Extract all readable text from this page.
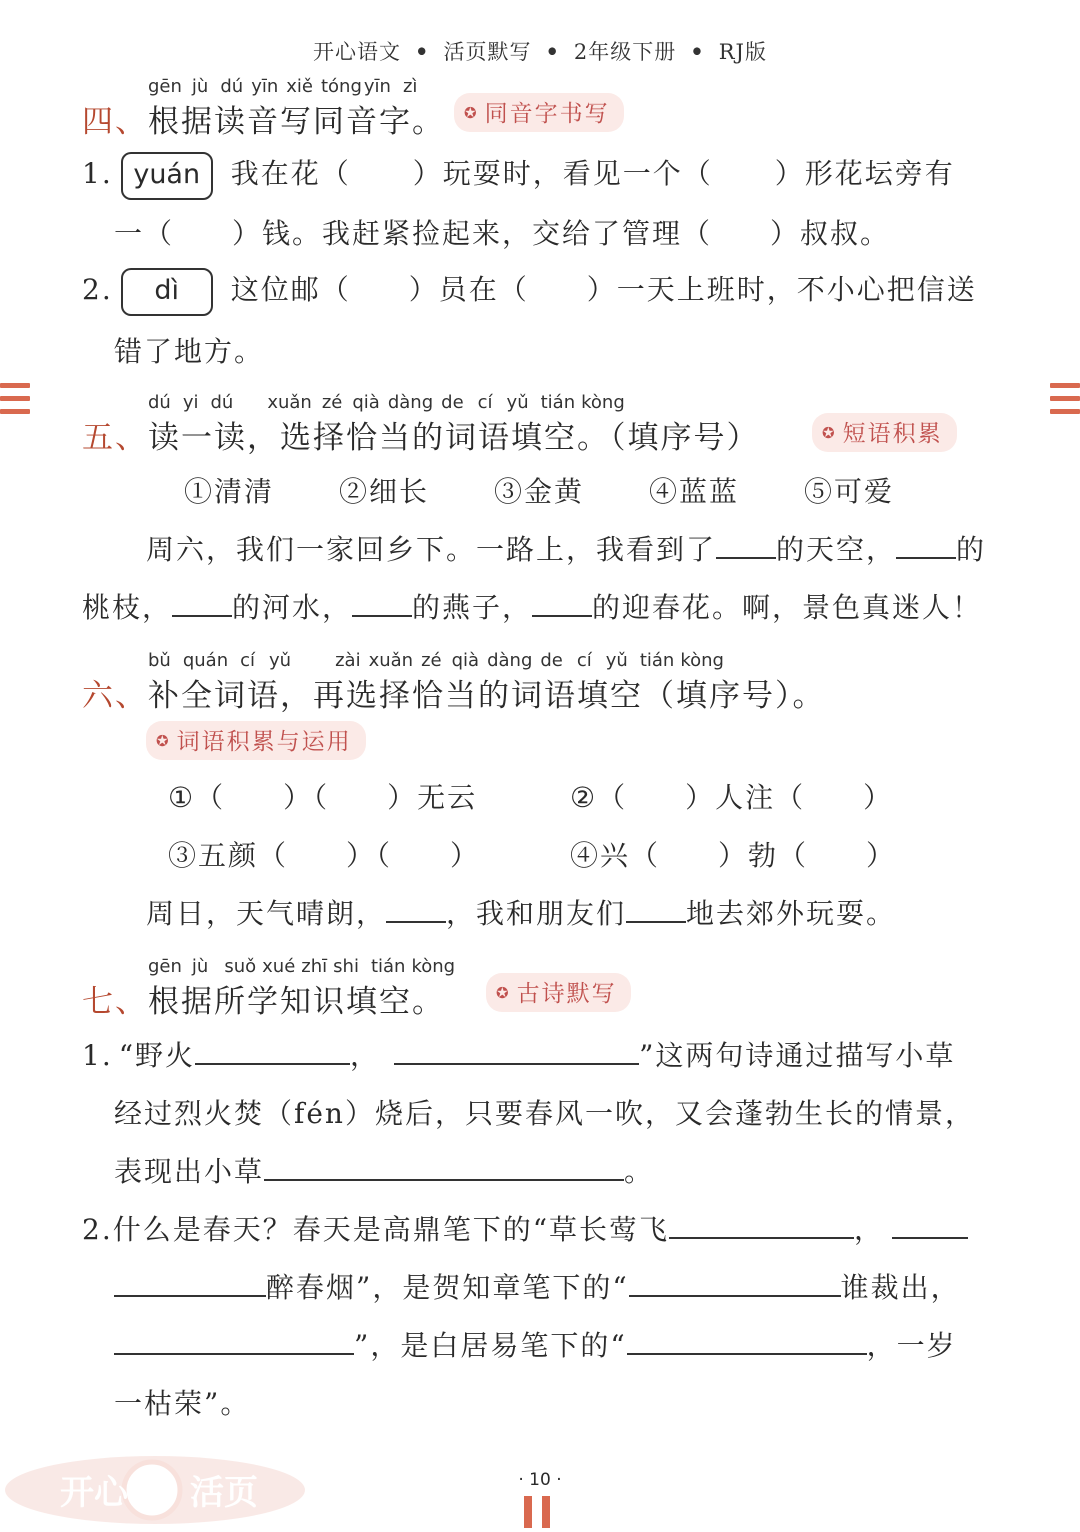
开心语文 • 活页默写 • 2年级下册 • RJ版
gēn jù dú yīn xiě tóng yīn zì
四、根据读音写同音字。	✪ 同音字书写
1. yuán 我在花（ ）玩耍时，看见一个（ ）形花坛旁有
一（ ）钱。我赶紧捡起来，交给了管理（ ）叔叔。
2. dì 这位邮（ ）员在（ ）一天上班时，不小心把信送
错了地方。
dú yi dú xuǎn zé qià dàng de cí yǔ tián kòng
五、读一读，选择恰当的词语填空。（填序号）	✪ 短语积累
①清清 ②细长 ③金黄 ④蓝蓝 ⑤可爱
周六，我们一家回乡下。一路上，我看到了 的天空， 的
桃枝， 的河水， 的燕子， 的迎春花。啊，景色真迷人！
bǔ quán cí yǔ zài xuǎn zé qià dàng de cí yǔ tián kòng
六、补全词语，再选择恰当的词语填空（填序号）。
✪ 词语积累与运用
①（ ）（ ）无云	②（ ）人注（ ）
③五颜（ ）（ ）	④兴（ ）勃（ ）
周日，天气晴朗， ，我和朋友们 地去郊外玩耍。
gēn jù suǒ xué zhī shi tián kòng
七、根据所学知识填空。	✪ 古诗默写
1. “野火	，	”这两句诗通过描写小草
经过烈火焚（fén）烧后，只要春风一吹，又会蓬勃生长的情景，
表现出小草	。
2.什么是春天？春天是高鼎笔下的“草长莺飞	，
醉春烟”，是贺知章笔下的“	谁裁出，
”，是白居易笔下的“	，一岁
一枯荣”。
开心 活页	· 10 ·
